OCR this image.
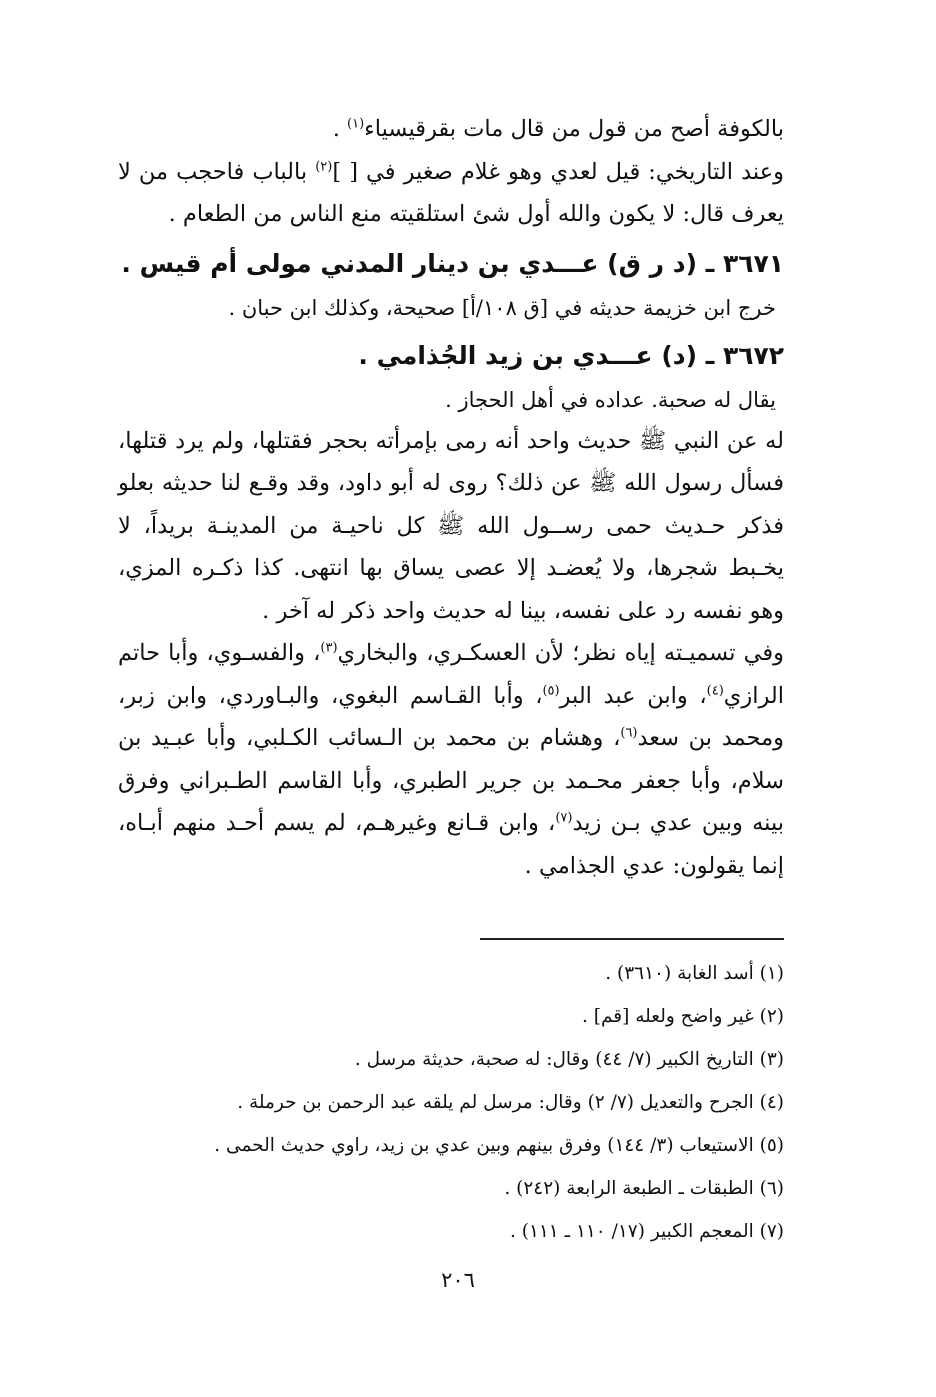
بالكوفة أصح من قول من قال مات بقرقيسياء$^{(١)}$ .

وعند التاريخي: قيل لعدي وهو غلام صغير في [ ]$^{(٢)}$ بالباب فاحجب من لا يعرف قال: لا يكون والله أول شئ استلقيته منع الناس من الطعام .

٣٦٧١ ـ (د ر ق) عـــدي بن دينار المدني مولى أم قيس .

خرج ابن خزيمة حديثه في [ق ١٠٨/أ] صحيحة، وكذلك ابن حبان .

٣٦٧٢ ـ (د) عـــدي بن زيد الجُذامي .

يقال له صحبة. عداده في أهل الحجاز .

له عن النبي ﷺ حديث واحد أنه رمى بإمرأته بحجر فقتلها، ولم يرد قتلها، فسأل رسول الله ﷺ عن ذلك؟ روى له أبو داود، وقد وقـع لنا حديثه بعلو فذكر حـديث حمى رســول الله ﷺ كل ناحيـة من المدينـة بريداً، لا يخـبط شجرها، ولا يُعضـد إلا عصى يساق بها انتهى. كذا ذكـره المزي، وهو نفسه رد على نفسه، بينا له حديث واحد ذكر له آخر .

وفي تسميـته إياه نظر؛ لأن العسكـري، والبخاري$^{(٣)}$، والفسـوي، وأبا حاتم الرازي$^{(٤)}$، وابن عبد البر$^{(٥)}$، وأبا القـاسم البغوي، والبـاوردي، وابن زبر، ومحمد بن سعد$^{(٦)}$، وهشام بن محمد بن الـسائب الكـلبي، وأبا عبـيد بن سلام، وأبا جعفر محـمد بن جرير الطبري، وأبا القاسم الطـبراني وفرق بينه وبين عدي بـن زيد$^{(٧)}$، وابن قـانع وغيرهـم، لم يسم أحـد منهم أبـاه، إنما يقولون: عدي الجذامي .

(١) أسد الغابة (٣٦١٠) .

(٢) غير واضح ولعله [قم] .

(٣) التاريخ الكبير (٧/ ٤٤) وقال: له صحبة، حديثة مرسل .

(٤) الجرح والتعديل (٧/ ٢) وقال: مرسل لم يلقه عبد الرحمن بن حرملة .

(٥) الاستيعاب (٣/ ١٤٤) وفرق بينهم وبين عدي بن زيد، راوي حديث الحمى .

(٦) الطبقات ـ الطبعة الرابعة (٢٤٢) .

(٧) المعجم الكبير (١٧/ ١١٠ ـ ١١١) .

٢٠٦
